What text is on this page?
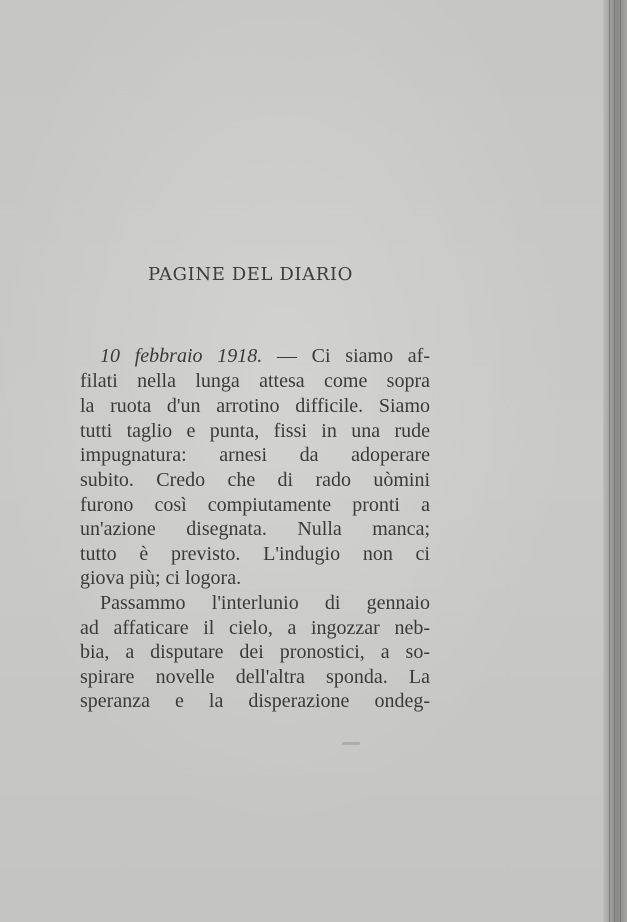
PAGINE DEL DIARIO
10 febbraio 1918. — Ci siamo af-
filati nella lunga attesa come sopra
la ruota d'un arrotino difficile. Siamo
tutti taglio e punta, fissi in una rude
impugnatura: arnesi da adoperare
subito. Credo che di rado uòmini
furono così compiutamente pronti a
un'azione disegnata. Nulla manca;
tutto è previsto. L'indugio non ci
giova più; ci logora.
Passammo l'interlunio di gennaio
ad affaticare il cielo, a ingozzar neb-
bia, a disputare dei pronostici, a so-
spirare novelle dell'altra sponda. La
speranza e la disperazione ondeg-
